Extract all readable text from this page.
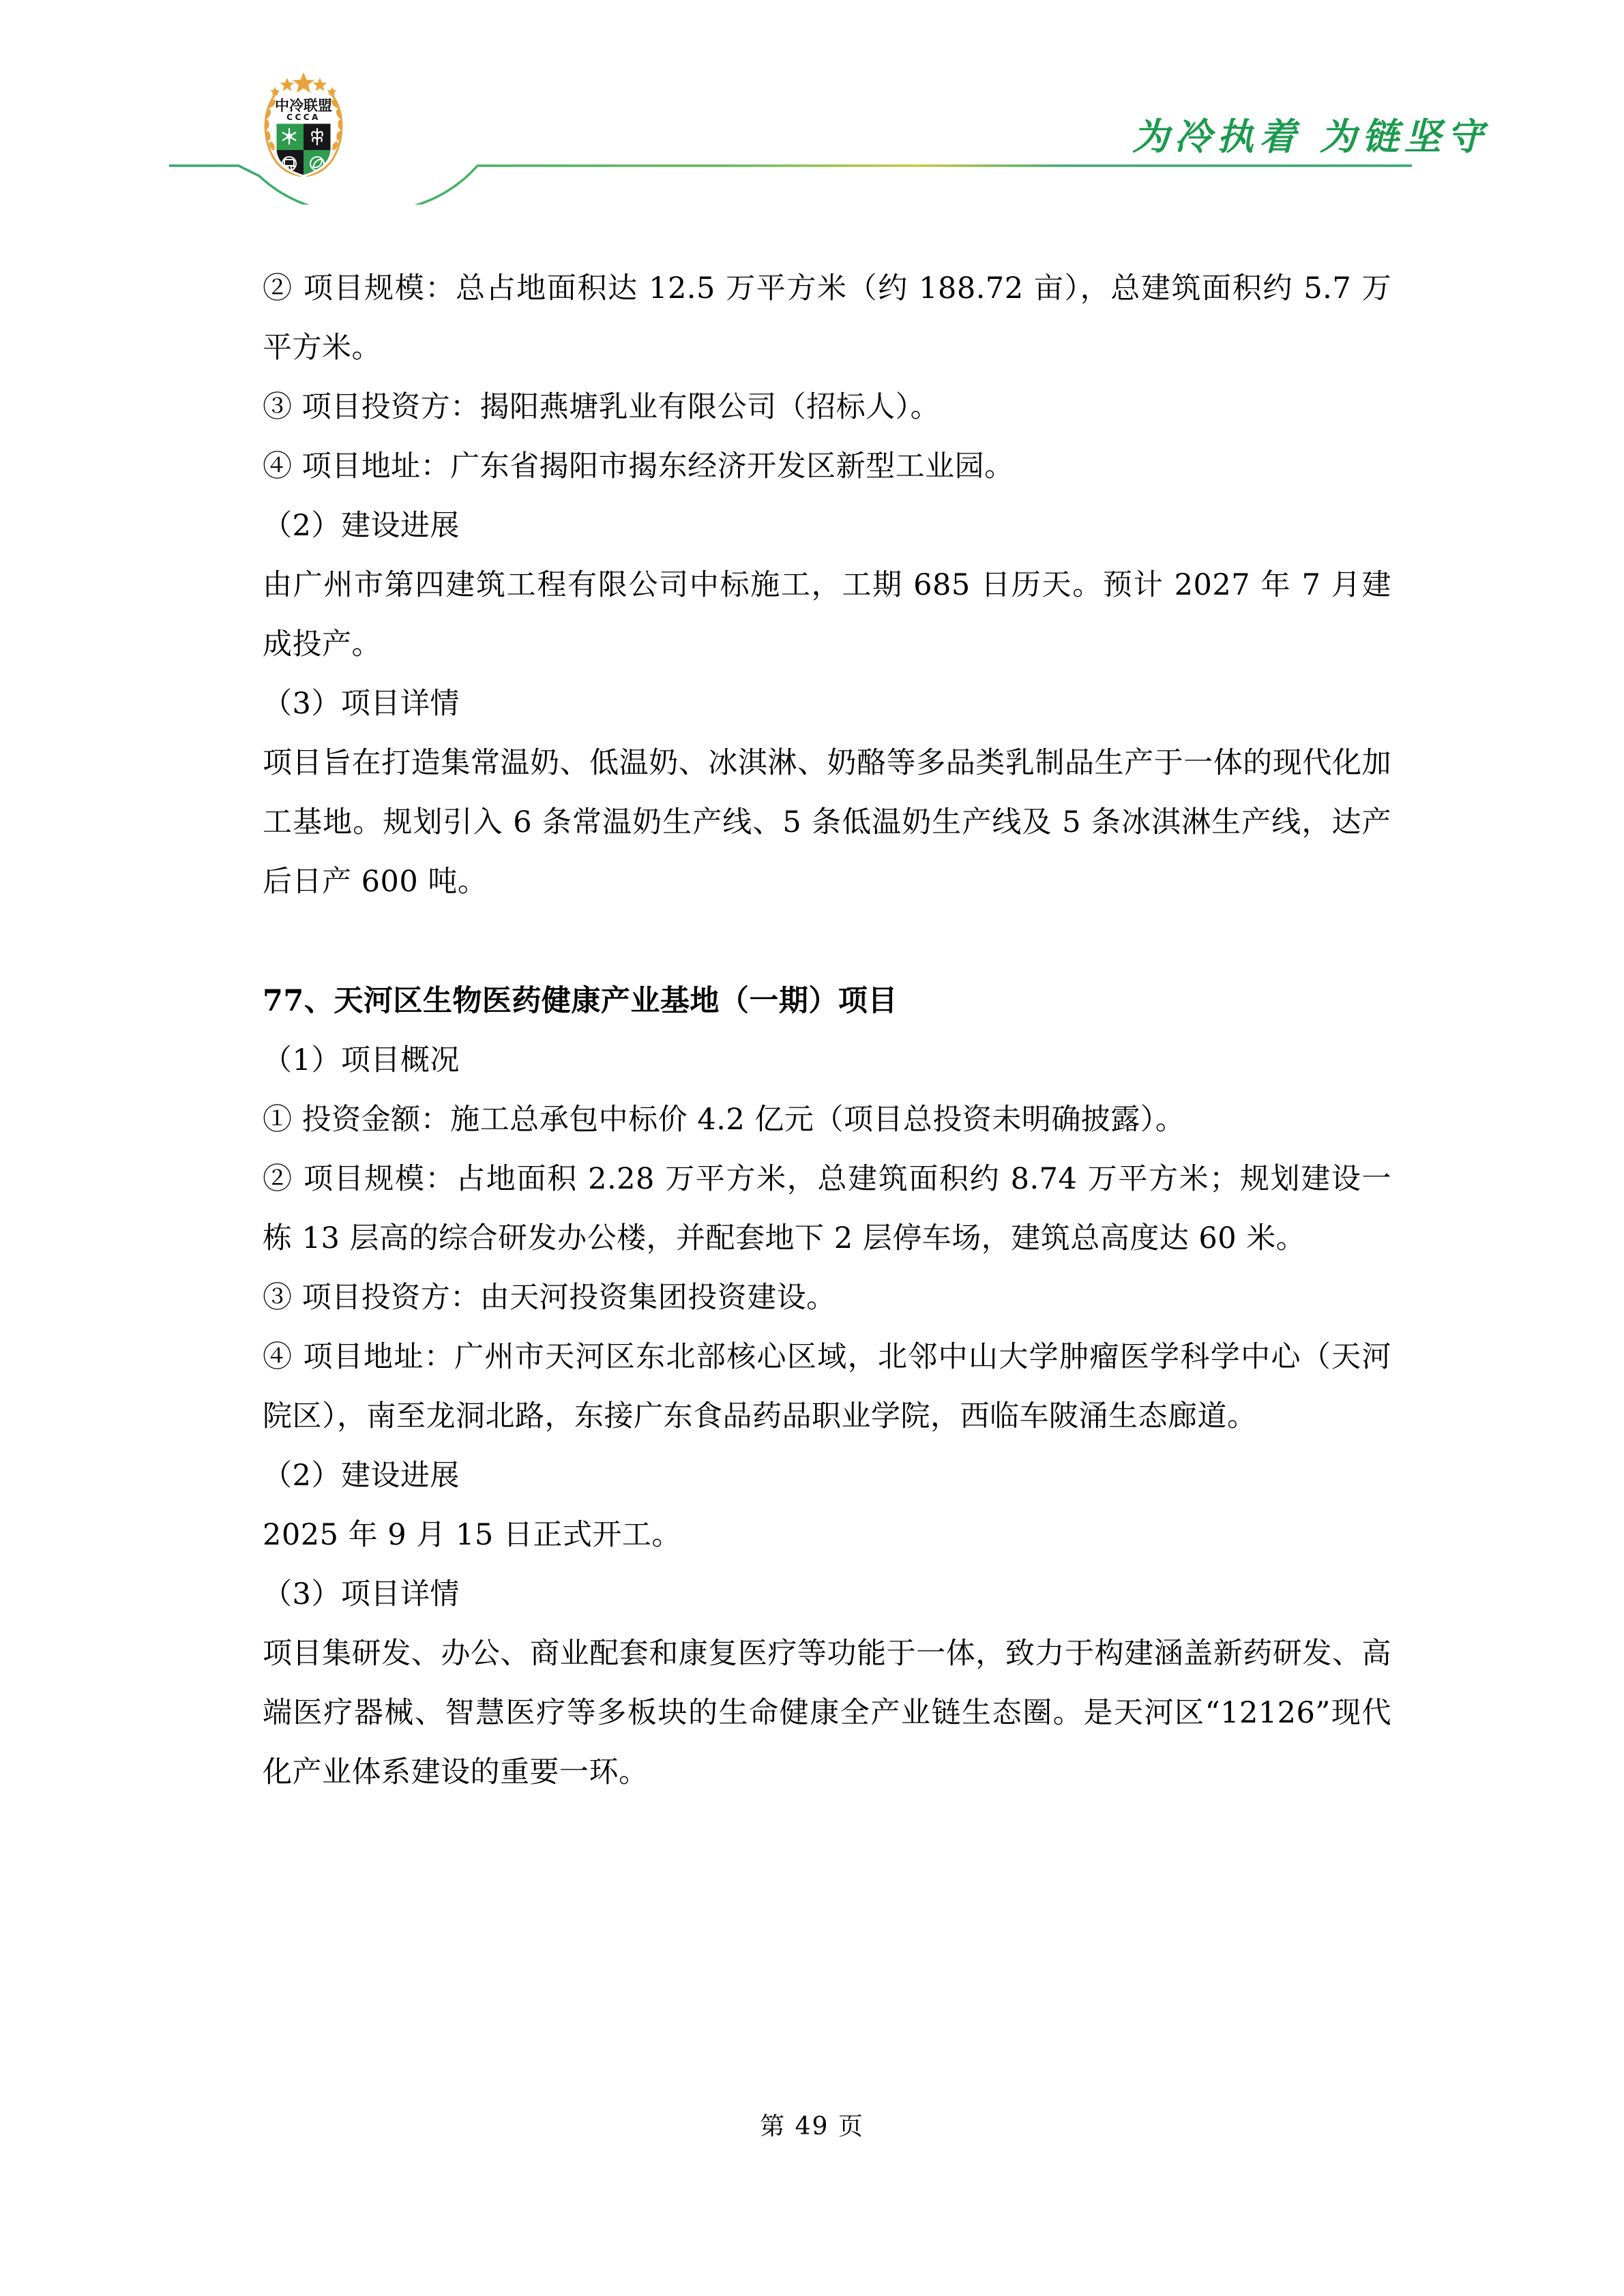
中冷联盟
CCCA	为冷执着 为链坚守

② 项目规模：总占地面积达 12.5 万平方米（约 188.72 亩），总建筑面积约 5.7 万平方米。

③ 项目投资方：揭阳燕塘乳业有限公司（招标人）。

④ 项目地址：广东省揭阳市揭东经济开发区新型工业园。

（2）建设进展

由广州市第四建筑工程有限公司中标施工，工期 685 日历天。预计 2027 年 7 月建成投产。

（3）项目详情

项目旨在打造集常温奶、低温奶、冰淇淋、奶酪等多品类乳制品生产于一体的现代化加工基地。规划引入 6 条常温奶生产线、5 条低温奶生产线及 5 条冰淇淋生产线，达产后日产 600 吨。

77、天河区生物医药健康产业基地（一期）项目

（1）项目概况

① 投资金额：施工总承包中标价 4.2 亿元（项目总投资未明确披露）。

② 项目规模：占地面积 2.28 万平方米，总建筑面积约 8.74 万平方米；规划建设一栋 13 层高的综合研发办公楼，并配套地下 2 层停车场，建筑总高度达 60 米。

③ 项目投资方：由天河投资集团投资建设。

④ 项目地址：广州市天河区东北部核心区域，北邻中山大学肿瘤医学科学中心（天河院区），南至龙洞北路，东接广东食品药品职业学院，西临车陂涌生态廊道。

（2）建设进展

2025 年 9 月 15 日正式开工。

（3）项目详情

项目集研发、办公、商业配套和康复医疗等功能于一体，致力于构建涵盖新药研发、高端医疗器械、智慧医疗等多板块的生命健康全产业链生态圈。是天河区“12126”现代化产业体系建设的重要一环。

第 49 页
